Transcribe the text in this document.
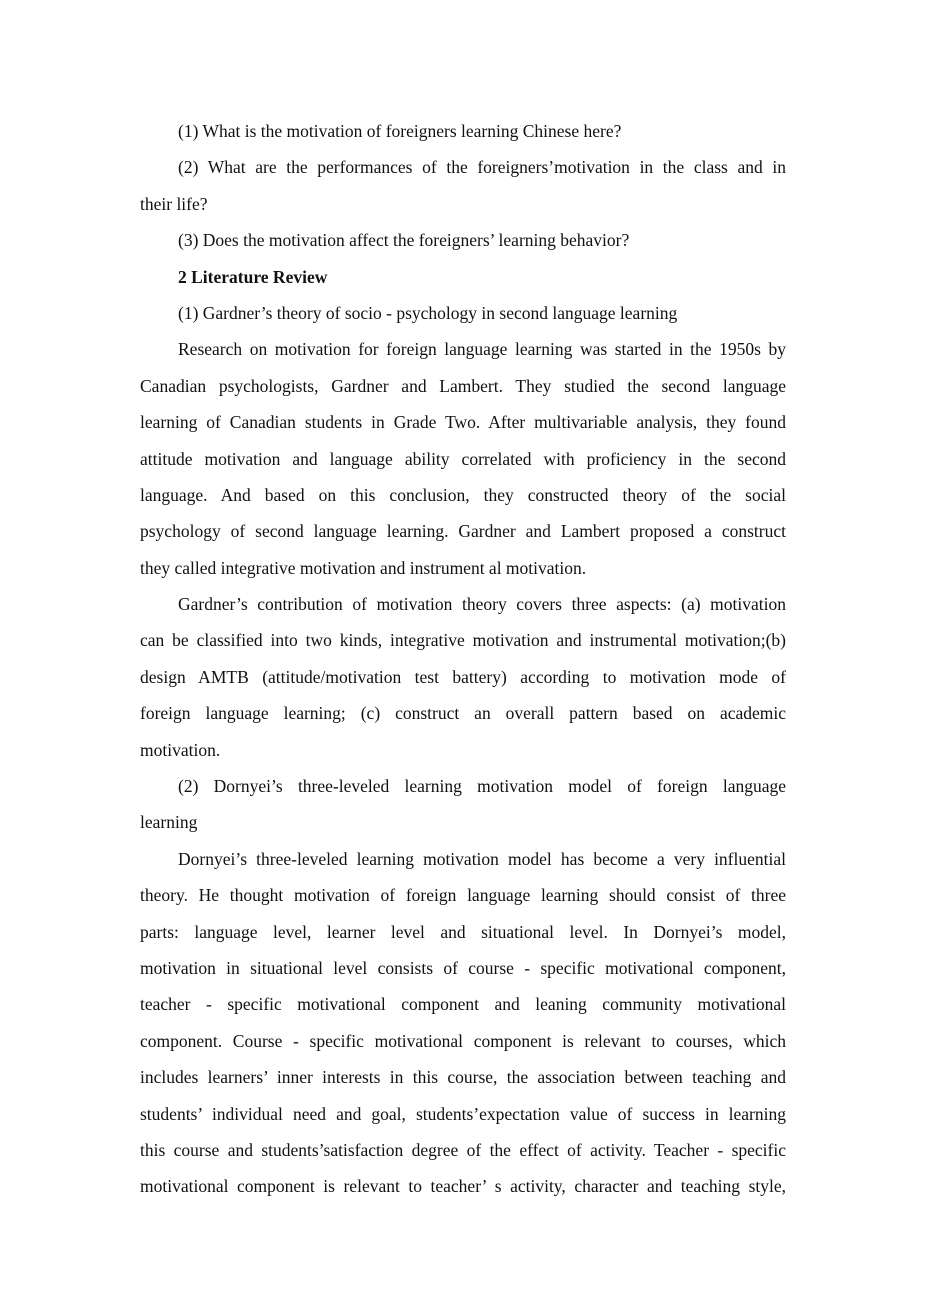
(1) What is the motivation of foreigners learning Chinese here?
(2) What are the performances of the foreigners’motivation in the class and in
their life?
(3) Does the motivation affect the foreigners’ learning behavior?
2 Literature Review
(1) Gardner’s theory of socio - psychology in second language learning
Research on motivation for foreign language learning was started in the 1950s by
Canadian psychologists, Gardner and Lambert. They studied the second language
learning of Canadian students in Grade Two. After multivariable analysis, they found
attitude motivation and language ability correlated with proficiency in the second
language. And based on this conclusion, they constructed theory of the social
psychology of second language learning. Gardner and Lambert proposed a construct
they called integrative motivation and instrument al motivation.
Gardner’s contribution of motivation theory covers three aspects: (a) motivation
can be classified into two kinds, integrative motivation and instrumental motivation;(b)
design AMTB (attitude/motivation test battery) according to motivation mode of
foreign language learning; (c) construct an overall pattern based on academic
motivation.
(2) Dornyei’s three-leveled learning motivation model of foreign language
learning
Dornyei’s three-leveled learning motivation model has become a very influential
theory. He thought motivation of foreign language learning should consist of three
parts: language level, learner level and situational level. In Dornyei’s model,
motivation in situational level consists of course - specific motivational component,
teacher - specific motivational component and leaning community motivational
component. Course - specific motivational component is relevant to courses, which
includes learners’ inner interests in this course, the association between teaching and
students’ individual need and goal, students’expectation value of success in learning
this course and students’satisfaction degree of the effect of activity. Teacher - specific
motivational component is relevant to teacher’ s activity, character and teaching style,
